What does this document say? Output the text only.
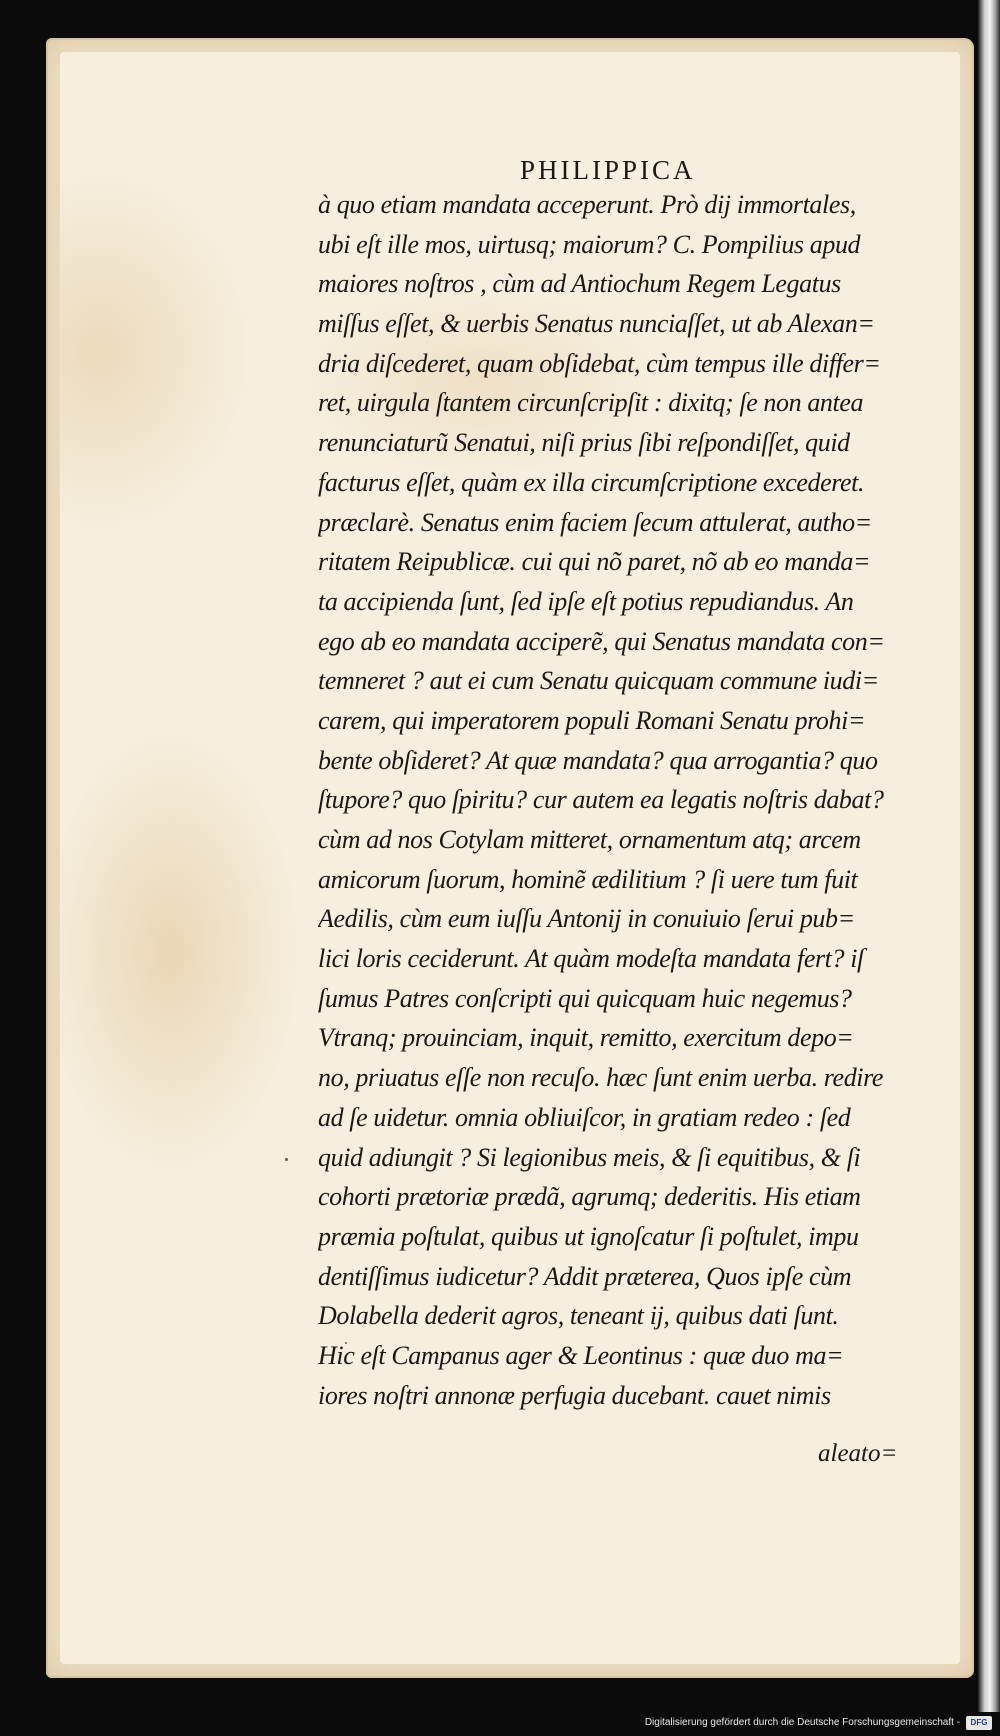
PHILIPPICA
à quo etiam mandata acceperunt. Prò dij immortales,
ubi eſt ille mos, uirtusq; maiorum? C. Pompilius apud
maiores noſtros , cùm ad Antiochum Regem Legatus
miſſus eſſet, & uerbis Senatus nunciaſſet, ut ab Alexan=
dria diſcederet, quam obſidebat, cùm tempus ille differ=
ret, uirgula ſtantem circunſcripſit : dixitq; ſe non antea
renunciaturũ Senatui, niſi prius ſibi reſpondiſſet, quid
facturus eſſet, quàm ex illa circumſcriptione excederet.
præclarè. Senatus enim faciem ſecum attulerat, autho=
ritatem Reipublicæ. cui qui nõ paret, nõ ab eo manda=
ta accipienda ſunt, ſed ipſe eſt potius repudiandus. An
ego ab eo mandata acciperẽ, qui Senatus mandata con=
temneret ? aut ei cum Senatu quicquam commune iudi=
carem, qui imperatorem populi Romani Senatu prohi=
bente obſideret? At quæ mandata? qua arrogantia? quo
ſtupore? quo ſpiritu? cur autem ea legatis noſtris dabat?
cùm ad nos Cotylam mitteret, ornamentum atq; arcem
amicorum ſuorum, hominẽ ædilitium ? ſi uere tum fuit
Aedilis, cùm eum iuſſu Antonij in conuiuio ſerui pub=
lici loris ceciderunt. At quàm modeſta mandata fert? iſ
ſumus Patres conſcripti qui quicquam huic negemus?
Vtranq; prouinciam, inquit, remitto, exercitum depo=
no, priuatus eſſe non recuſo. hæc ſunt enim uerba. redire
ad ſe uidetur. omnia obliuiſcor, in gratiam redeo : ſed
quid adiungit ? Si legionibus meis, & ſi equitibus, & ſi
cohorti prætoriæ prædã, agrumq; dederitis. His etiam
præmia poſtulat, quibus ut ignoſcatur ſi poſtulet, impu
dentiſſimus iudicetur? Addit præterea, Quos ipſe cùm
Dolabella dederit agros, teneant ij, quibus dati ſunt.
Hic eſt Campanus ager & Leontinus : quæ duo ma=
iores noſtri annonæ perfugia ducebant. cauet nimis
aleato=
Digitalisierung gefördert durch die Deutsche Forschungsgemeinschaft -	DFG
